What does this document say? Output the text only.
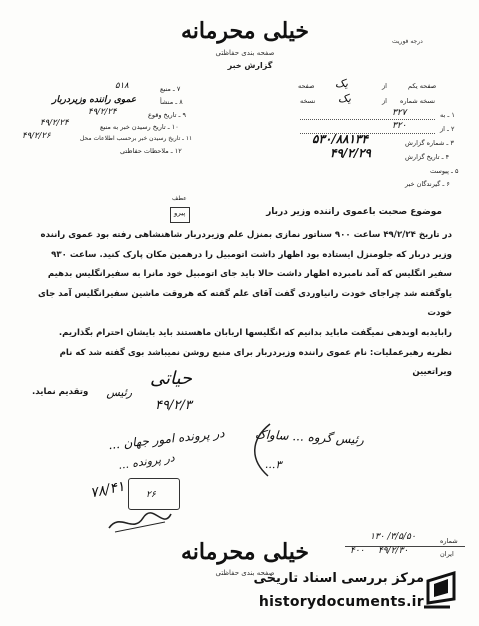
خیلی محرمانه
صفحه بندی حفاظتی
گزارش خبر
درجه فوریت
صفحه یکم
از
یک
صفحه
نسخه شماره
از
یک
نسخه
۱ ـ به
۳۲۷
۲ ـ از
۳۲۰
۳ ـ شماره گزارش
۵۳۰/۸۸۱۳۴
۴ ـ تاریخ گزارش
۴۹/۲/۲۹
۵ ـ پیوست
۶ ـ گیرندگان خبر
۷ ـ منبع
۵۱۸
۸ ـ منشأ
عموی راننده وزیردربار
۹ ـ تاریخ وقوع
۴۹/۲/۲۴
۱۰ ـ تاریخ رسیدن خبر به منبع
۴۹/۲/۲۴
۱۱ ـ تاریخ رسیدن خبر برحسب اطلاعات محل
۴۹/۲/۲۶
۱۲ ـ ملاحظات حفاظتی
عطف
پیرو	موضوع صحبت باعموی راننده وزیر دربار
در تاریخ ۴۹/۲/۲۴ ساعت ۹۰۰ سناتور نمازی بمنزل علم وزیردربار شاهنشاهی رفته بود عموی راننده
وزیر دربار که جلومنزل ایستاده بود اظهار داشت اتومبیل را درهمین مکان پارک کنید. ساعت ۹۳۰
سفیر انگلیس که آمد نامبرده اظهار داشت حالا باید جای اتومبیل خود مانرا به سفیرانگلیس بدهیم
یاوگفته شد چراجای خودت رانیاوردی گفت آقای علم گفته که هروقت ماشین سفیرانگلیس آمد جای خودت
رابایدبه اوبدهی نمیگفت ماباید بدانیم که انگلیسها اربابان ماهستند باید بایشان احترام بگذاریم.
نظریه رهبرعملیات: نام عموی راننده وزیردربار برای منبع روشن نمیباشد بوی گفته شد که نام ویراتعیین
رئیس
وتقدیم نماید.
ﺣﯿﺎﺗﯽ
۴۹/۲/۳
در پرونده امور جهان ...
در پرونده ...
۷۸/۴۱ ۲۶
رئیس گروه ... ساواک
...۳
شماره
۱۳۰ /۳/۵/۵۰
ایران
۴۹/۲/۳۰
۴۰۰
خیلی محرمانه
صفحه بندی حفاظتی
مرکز بررسی اسناد تاریخی
historydocuments.ir
